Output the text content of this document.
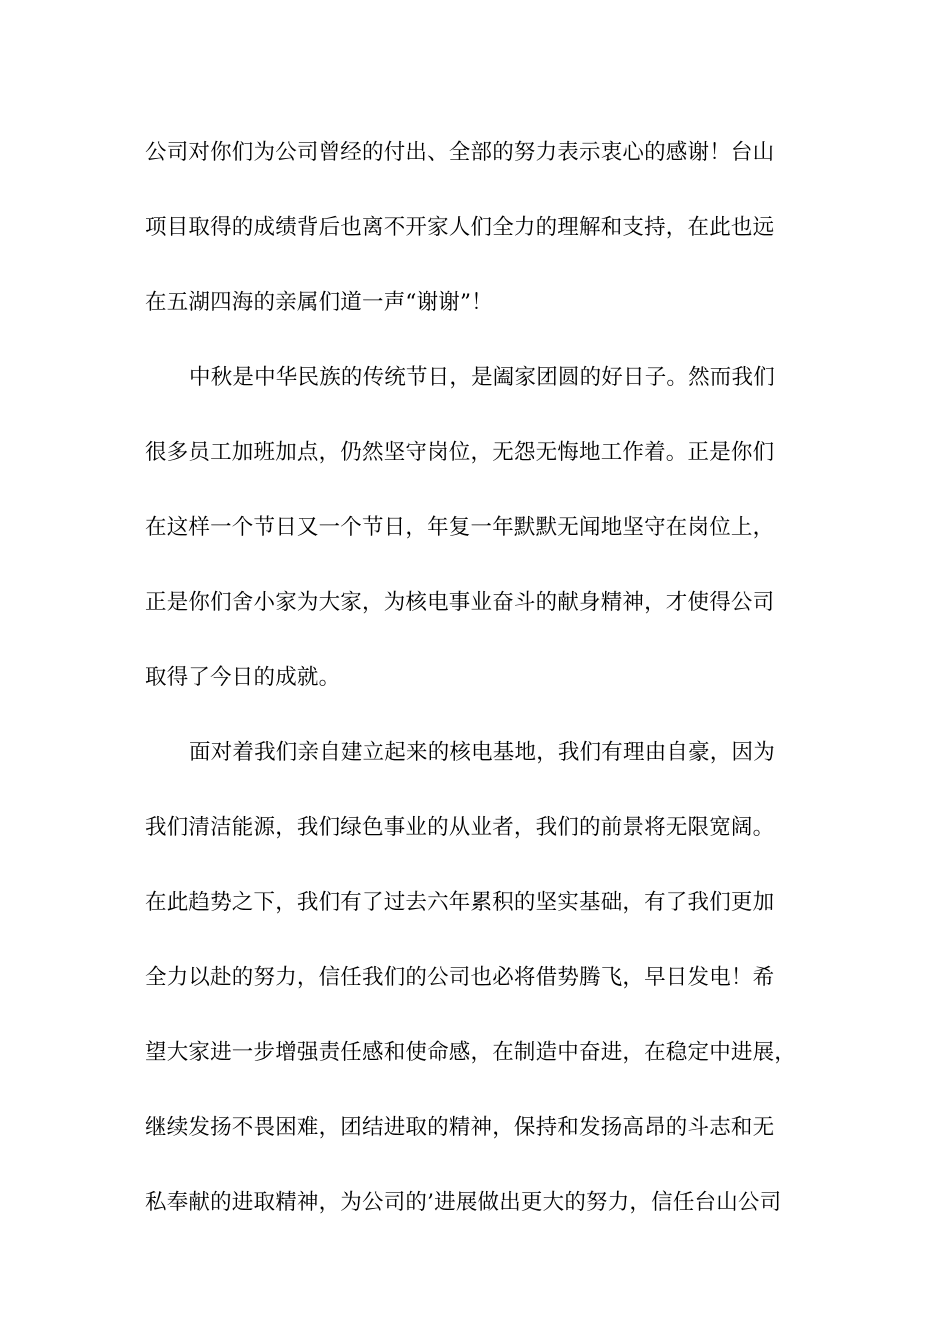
公司对你们为公司曾经的付出、全部的努力表示衷心的感谢！台山
项目取得的成绩背后也离不开家人们全力的理解和支持，在此也远
在五湖四海的亲属们道一声“谢谢”！
中秋是中华民族的传统节日，是阖家团圆的好日子。然而我们
很多员工加班加点，仍然坚守岗位，无怨无悔地工作着。正是你们
在这样一个节日又一个节日，年复一年默默无闻地坚守在岗位上，
正是你们舍小家为大家，为核电事业奋斗的献身精神，才使得公司
取得了今日的成就。
面对着我们亲自建立起来的核电基地，我们有理由自豪，因为
我们清洁能源，我们绿色事业的从业者，我们的前景将无限宽阔。
在此趋势之下，我们有了过去六年累积的坚实基础，有了我们更加
全力以赴的努力，信任我们的公司也必将借势腾飞，早日发电！希
望大家进一步增强责任感和使命感，在制造中奋进，在稳定中进展，
继续发扬不畏困难，团结进取的精神，保持和发扬高昂的斗志和无
私奉献的进取精神，为公司的’进展做出更大的努力，信任台山公司
